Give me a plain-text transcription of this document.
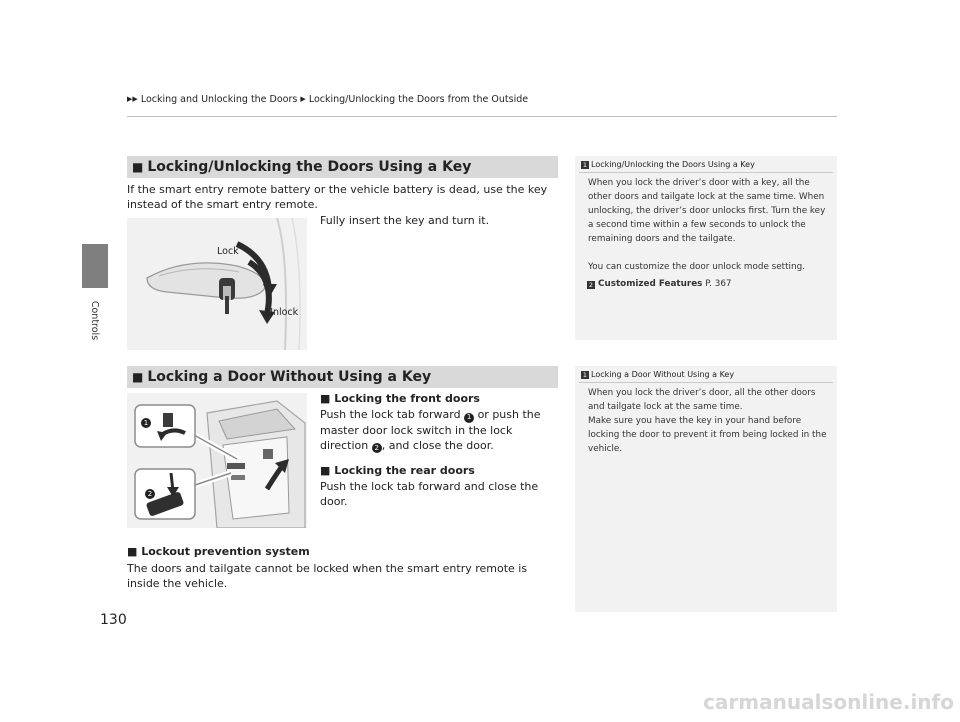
▶▶ Locking and Unlocking the Doors ▶ Locking/Unlocking the Doors from the Outside
Controls
130
■ Locking/Unlocking the Doors Using a Key	1 Locking/Unlocking the Doors Using a Key
When you lock the driver’s door with a key, all the other doors and tailgate lock at the same time. When unlocking, the driver’s door unlocks first. Turn the key a second time within a few seconds to unlock the remaining doors and the tailgate.
You can customize the door unlock mode setting.
2 Customized Features P. 367
If the smart entry remote battery or the vehicle battery is dead, use the key instead of the smart entry remote.
Fully insert the key and turn it.
Lock
Unlock
■ Locking a Door Without Using a Key	1 Locking a Door Without Using a Key
When you lock the driver’s door, all the other doors and tailgate lock at the same time.
Make sure you have the key in your hand before locking the door to prevent it from being locked in the vehicle.
1
2
■ Locking the front doors
Push the lock tab forward 1 or push the master door lock switch in the lock direction 2 , and close the door.
■ Locking the rear doors
Push the lock tab forward and close the door.
■ Lockout prevention system
The doors and tailgate cannot be locked when the smart entry remote is inside the vehicle.
carmanualsonline.info
